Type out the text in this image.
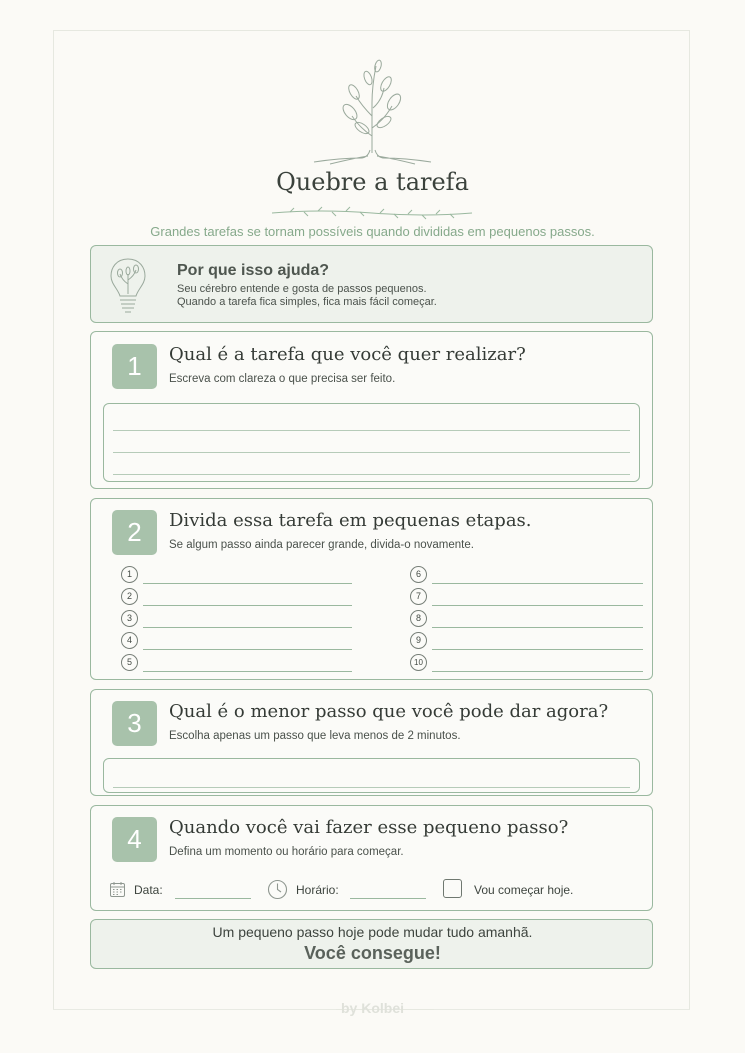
Quebre a tarefa
Grandes tarefas se tornam possíveis quando divididas em pequenos passos.
Por que isso ajuda?
Seu cérebro entende e gosta de passos pequenos.
Quando a tarefa fica simples, fica mais fácil começar.
1	Qual é a tarefa que você quer realizar?
Escreva com clareza o que precisa ser feito.
2	Divida essa tarefa em pequenas etapas.
Se algum passo ainda parecer grande, divida-o novamente.
1
2
3
4
5
6
7
8
9
10
3	Qual é o menor passo que você pode dar agora?
Escolha apenas um passo que leva menos de 2 minutos.
4	Quando você vai fazer esse pequeno passo?
Defina um momento ou horário para começar.
Data:	Horário:	Vou começar hoje.
Um pequeno passo hoje pode mudar tudo amanhã.
Você consegue!
by Kolbei
